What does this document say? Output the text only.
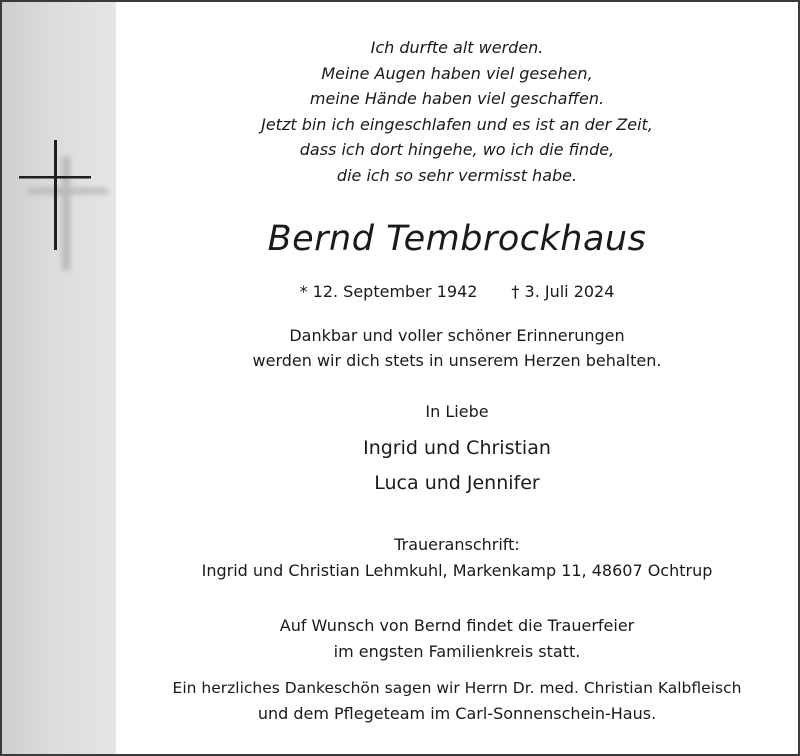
Ich durfte alt werden.
Meine Augen haben viel gesehen,
meine Hände haben viel geschaffen.
Jetzt bin ich eingeschlafen und es ist an der Zeit,
dass ich dort hingehe, wo ich die finde,
die ich so sehr vermisst habe.
Bernd Tembrockhaus
* 12. September 1942 † 3. Juli 2024
Dankbar und voller schöner Erinnerungen
werden wir dich stets in unserem Herzen behalten.
In Liebe
Ingrid und Christian
Luca und Jennifer
Traueranschrift:
Ingrid und Christian Lehmkuhl, Markenkamp 11, 48607 Ochtrup
Auf Wunsch von Bernd findet die Trauerfeier
im engsten Familienkreis statt.
Ein herzliches Dankeschön sagen wir Herrn Dr. med. Christian Kalbfleisch
und dem Pflegeteam im Carl-Sonnenschein-Haus.
